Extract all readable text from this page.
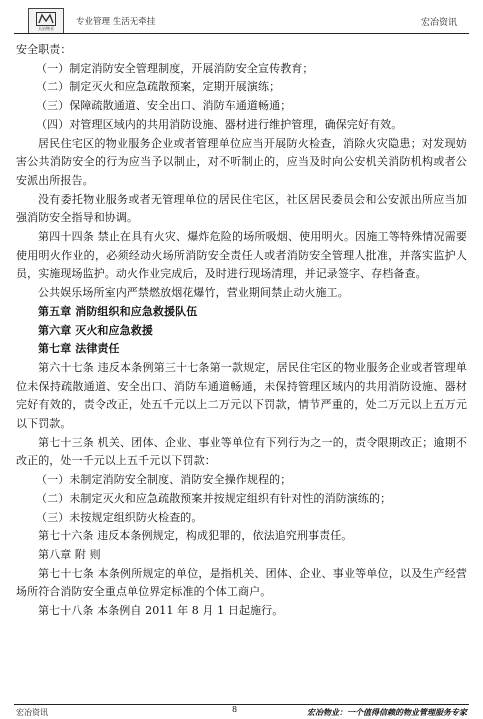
天冶物业
专业管理 生活无牵挂	宏冶资讯

安全职责：

（一）制定消防安全管理制度，开展消防安全宣传教育；

（二）制定灭火和应急疏散预案，定期开展演练；

（三）保障疏散通道、安全出口、消防车通道畅通；

（四）对管理区域内的共用消防设施、器材进行维护管理，确保完好有效。

居民住宅区的物业服务企业或者管理单位应当开展防火检查，消除火灾隐患；对发现妨害公共消防安全的行为应当予以制止，对不听制止的，应当及时向公安机关消防机构或者公安派出所报告。

没有委托物业服务或者无管理单位的居民住宅区，社区居民委员会和公安派出所应当加强消防安全指导和协调。

第四十四条 禁止在具有火灾、爆炸危险的场所吸烟、使用明火。因施工等特殊情况需要使用明火作业的，必须经动火场所消防安全责任人或者消防安全管理人批准，并落实监护人员，实施现场监护。动火作业完成后，及时进行现场清理，并记录签字、存档备查。

公共娱乐场所室内严禁燃放烟花爆竹，营业期间禁止动火施工。

第五章 消防组织和应急救援队伍

第六章 灭火和应急救援

第七章 法律责任

第六十七条 违反本条例第三十七条第一款规定，居民住宅区的物业服务企业或者管理单位未保持疏散通道、安全出口、消防车通道畅通，未保持管理区域内的共用消防设施、器材完好有效的，责令改正，处五千元以上二万元以下罚款，情节严重的，处二万元以上五万元以下罚款。

第七十三条 机关、团体、企业、事业等单位有下列行为之一的，责令限期改正；逾期不改正的，处一千元以上五千元以下罚款：

（一）未制定消防安全制度、消防安全操作规程的；

（二）未制定灭火和应急疏散预案并按规定组织有针对性的消防演练的；

（三）未按规定组织防火检查的。

第七十六条 违反本条例规定，构成犯罪的，依法追究刑事责任。

第八章 附 则

第七十七条 本条例所规定的单位，是指机关、团体、企业、事业等单位，以及生产经营场所符合消防安全重点单位界定标准的个体工商户。

第七十八条 本条例自 2011 年 8 月 1 日起施行。

宏冶资讯	8	宏冶物业：一个值得信赖的物业管理服务专家
